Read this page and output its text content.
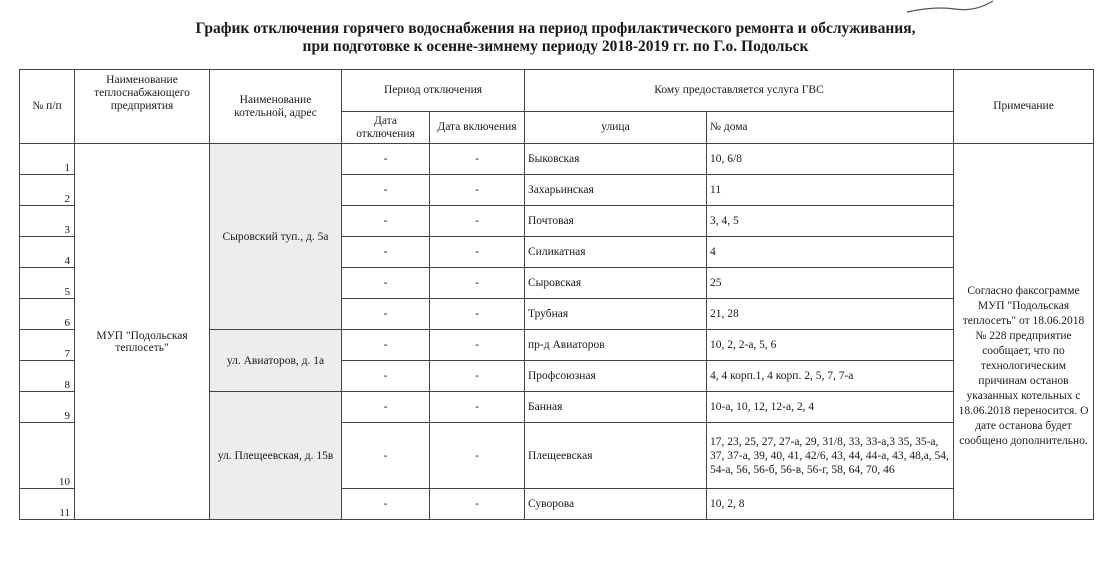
График отключения горячего водоснабжения на период профилактического ремонта и обслуживания,
при подготовке к осенне-зимнему периоду 2018-2019 гг. по Г.о. Подольск
№ п/п	Наименование теплоснабжающего предприятия	Наименование котельной, адрес	Период отключения		Кому предоставляется услуга ГВС		Примечание
			Дата отключения	Дата включения	улица	№ дома	
1	МУП "Подольская теплосеть"	Сыровский туп., д. 5а	-	-	Быковская	10, 6/8	Согласно факсограмме МУП "Подольская теплосеть" от 18.06.2018 № 228 предприятие сообщает, что по технологическим причинам останов указанных котельных с 18.06.2018 переносится. О дате останова будет сообщено дополнительно.
2			-	-	Захарьинская	11	
3			-	-	Почтовая	3, 4, 5	
4			-	-	Силикатная	4	
5			-	-	Сыровская	25	
6			-	-	Трубная	21, 28	
7		ул. Авиаторов, д. 1а	-	-	пр-д Авиаторов	10, 2, 2-а, 5, 6	
8			-	-	Профсоюзная	4, 4 корп.1, 4 корп. 2, 5, 7, 7-а	
9		ул. Плещеевская, д. 15в	-	-	Банная	10-а, 10, 12, 12-а, 2, 4	
10			-	-	Плещеевская	17, 23, 25, 27, 27-а, 29, 31/8, 33, 33-а,3 35, 35-а, 37, 37-а, 39, 40, 41, 42/6, 43, 44, 44-а, 43, 48,а, 54, 54-а, 56, 56-б, 56-в, 56-г, 58, 64, 70, 46	
11			-	-	Суворова	10, 2, 8	
